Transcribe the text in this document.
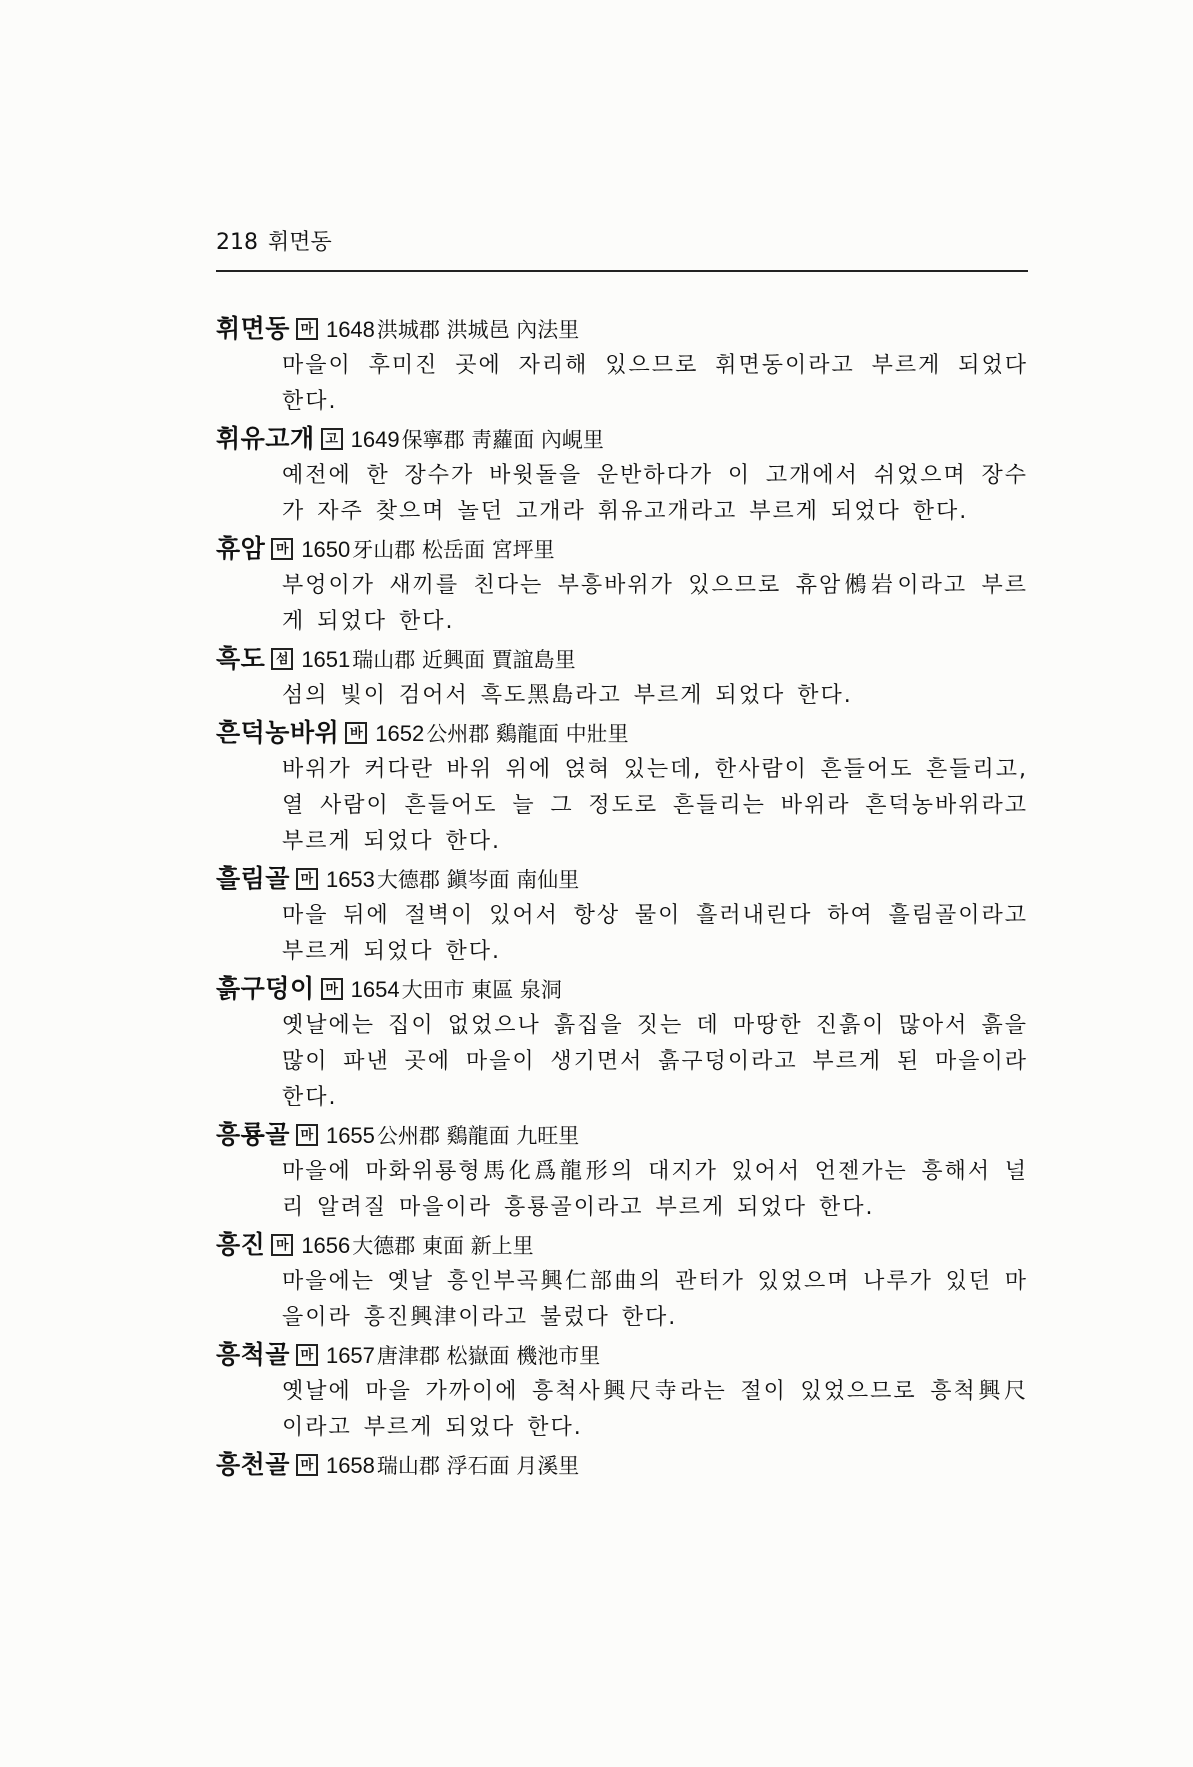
218 휘면동
휘면동 마 1648洪城郡 洪城邑 內法里

마을이 후미진 곳에 자리해 있으므로 휘면동이라고 부르게 되었다 한다.

휘유고개 고 1649保寧郡 靑蘿面 內峴里

예전에 한 장수가 바윗돌을 운반하다가 이 고개에서 쉬었으며 장수가 자주 찾으며 놀던 고개라 휘유고개라고 부르게 되었다 한다.

휴암 마 1650牙山郡 松岳面 宮坪里

부엉이가 새끼를 친다는 부흥바위가 있으므로 휴암鵂岩이라고 부르게 되었다 한다.

흑도 섬 1651瑞山郡 近興面 賈誼島里

섬의 빛이 검어서 흑도黑島라고 부르게 되었다 한다.

흔덕농바위 바 1652公州郡 鷄龍面 中壯里

바위가 커다란 바위 위에 얹혀 있는데, 한사람이 흔들어도 흔들리고, 열 사람이 흔들어도 늘 그 정도로 흔들리는 바위라 흔덕농바위라고 부르게 되었다 한다.

흘림골 마 1653大德郡 鎭岑面 南仙里

마을 뒤에 절벽이 있어서 항상 물이 흘러내린다 하여 흘림골이라고 부르게 되었다 한다.

흙구덩이 마 1654大田市 東區 泉洞

옛날에는 집이 없었으나 흙집을 짓는 데 마땅한 진흙이 많아서 흙을 많이 파낸 곳에 마을이 생기면서 흙구덩이라고 부르게 된 마을이라 한다.

흥룡골 마 1655公州郡 鷄龍面 九旺里

마을에 마화위룡형馬化爲龍形의 대지가 있어서 언젠가는 흥해서 널리 알려질 마을이라 흥룡골이라고 부르게 되었다 한다.

흥진 마 1656大德郡 東面 新上里

마을에는 옛날 흥인부곡興仁部曲의 관터가 있었으며 나루가 있던 마을이라 흥진興津이라고 불렀다 한다.

흥척골 마 1657唐津郡 松嶽面 機池市里

옛날에 마을 가까이에 흥척사興尺寺라는 절이 있었으므로 흥척興尺이라고 부르게 되었다 한다.

흥천골 마 1658瑞山郡 浮石面 月溪里
